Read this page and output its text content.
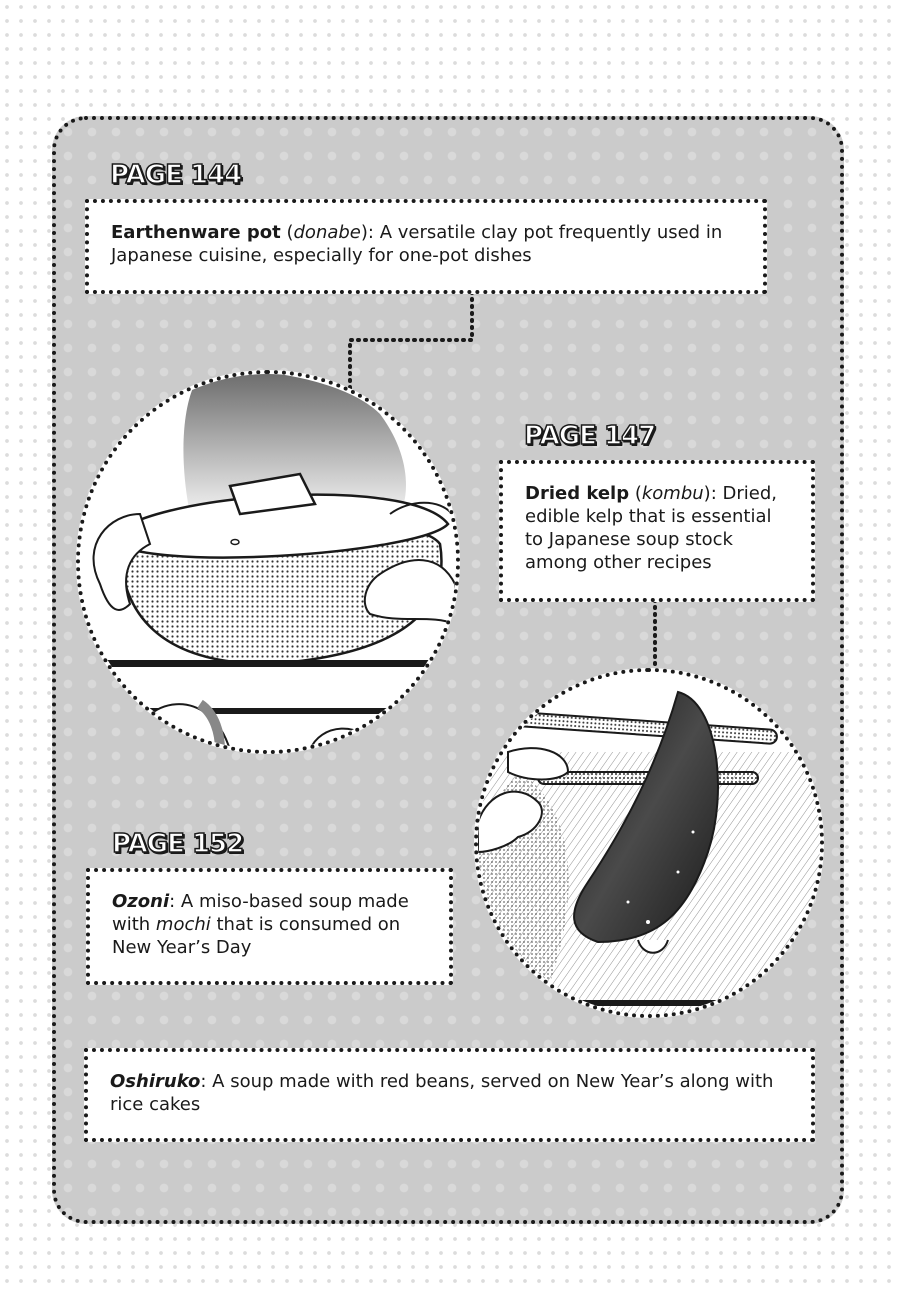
PAGE 144
Earthenware pot (donabe): A versatile clay pot frequently used in Japanese cuisine, especially for one-pot dishes
PAGE 147
Dried kelp (kombu): Dried, edible kelp that is essential to Japanese soup stock among other recipes
PAGE 152
Ozoni: A miso-based soup made with mochi that is consumed on New Year’s Day
Oshiruko: A soup made with red beans, served on New Year’s along with rice cakes
